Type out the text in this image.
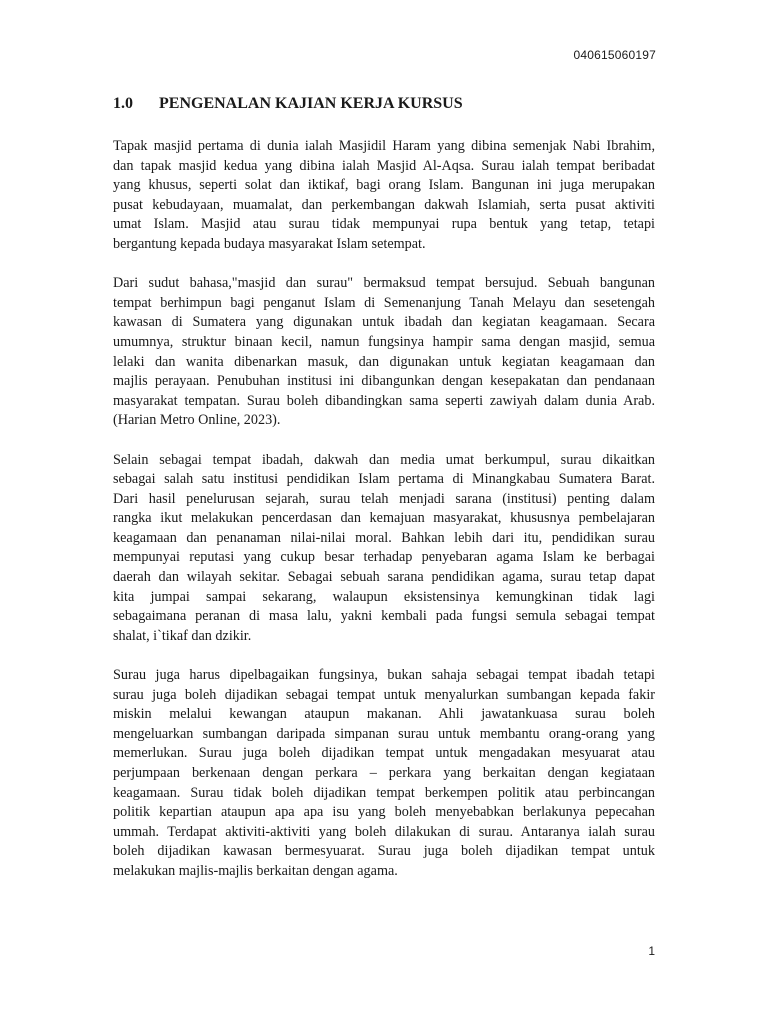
040615060197
1.0 PENGENALAN KAJIAN KERJA KURSUS
Tapak masjid pertama di dunia ialah Masjidil Haram yang dibina semenjak Nabi Ibrahim,
dan tapak masjid kedua yang dibina ialah Masjid Al-Aqsa. Surau ialah tempat beribadat
yang khusus, seperti solat dan iktikaf, bagi orang Islam. Bangunan ini juga merupakan
pusat kebudayaan, muamalat, dan perkembangan dakwah Islamiah, serta pusat aktiviti
umat Islam. Masjid atau surau tidak mempunyai rupa bentuk yang tetap, tetapi
bergantung kepada budaya masyarakat Islam setempat.
Dari sudut bahasa,"masjid dan surau" bermaksud tempat bersujud. Sebuah bangunan
tempat berhimpun bagi penganut Islam di Semenanjung Tanah Melayu dan sesetengah
kawasan di Sumatera yang digunakan untuk ibadah dan kegiatan keagamaan. Secara
umumnya, struktur binaan kecil, namun fungsinya hampir sama dengan masjid, semua
lelaki dan wanita dibenarkan masuk, dan digunakan untuk kegiatan keagamaan dan
majlis perayaan. Penubuhan institusi ini dibangunkan dengan kesepakatan dan pendanaan
masyarakat tempatan. Surau boleh dibandingkan sama seperti zawiyah dalam dunia Arab.
(Harian Metro Online, 2023).
Selain sebagai tempat ibadah, dakwah dan media umat berkumpul, surau dikaitkan
sebagai salah satu institusi pendidikan Islam pertama di Minangkabau Sumatera Barat.
Dari hasil penelurusan sejarah, surau telah menjadi sarana (institusi) penting dalam
rangka ikut melakukan pencerdasan dan kemajuan masyarakat, khususnya pembelajaran
keagamaan dan penanaman nilai-nilai moral. Bahkan lebih dari itu, pendidikan surau
mempunyai reputasi yang cukup besar terhadap penyebaran agama Islam ke berbagai
daerah dan wilayah sekitar. Sebagai sebuah sarana pendidikan agama, surau tetap dapat
kita jumpai sampai sekarang, walaupun eksistensinya kemungkinan tidak lagi
sebagaimana peranan di masa lalu, yakni kembali pada fungsi semula sebagai tempat
shalat, i`tikaf dan dzikir.
Surau juga harus dipelbagaikan fungsinya, bukan sahaja sebagai tempat ibadah tetapi
surau juga boleh dijadikan sebagai tempat untuk menyalurkan sumbangan kepada fakir
miskin melalui kewangan ataupun makanan. Ahli jawatankuasa surau boleh
mengeluarkan sumbangan daripada simpanan surau untuk membantu orang-orang yang
memerlukan. Surau juga boleh dijadikan tempat untuk mengadakan mesyuarat atau
perjumpaan berkenaan dengan perkara – perkara yang berkaitan dengan kegiataan
keagamaan. Surau tidak boleh dijadikan tempat berkempen politik atau perbincangan
politik kepartian ataupun apa apa isu yang boleh menyebabkan berlakunya pepecahan
ummah. Terdapat aktiviti-aktiviti yang boleh dilakukan di surau. Antaranya ialah surau
boleh dijadikan kawasan bermesyuarat. Surau juga boleh dijadikan tempat untuk
melakukan majlis-majlis berkaitan dengan agama.
1
